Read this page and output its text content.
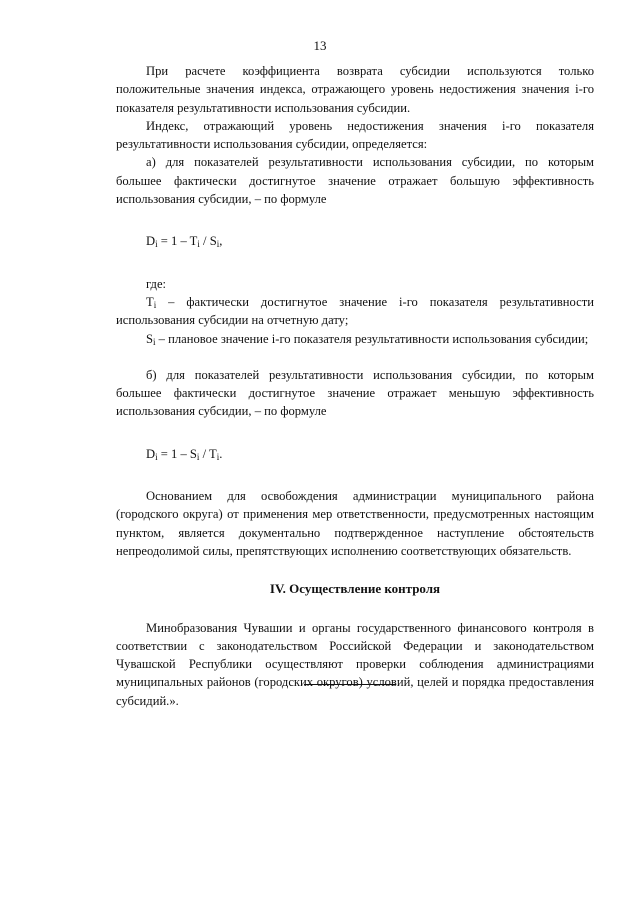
13

При расчете коэффициента возврата субсидии используются только положительные значения индекса, отражающего уровень недостижения значения i-го показателя результативности использования субсидии.

Индекс, отражающий уровень недостижения значения i-го показателя результативности использования субсидии, определяется:

а) для показателей результативности использования субсидии, по которым большее фактически достигнутое значение отражает большую эффективность использования субсидии, – по формуле

$D_i = 1 - T_i / S_i$,

где:

$T_i$ – фактически достигнутое значение i-го показателя результативности использования субсидии на отчетную дату;

$S_i$ – плановое значение i-го показателя результативности использования субсидии;

б) для показателей результативности использования субсидии, по которым большее фактически достигнутое значение отражает меньшую эффективность использования субсидии, – по формуле

$D_i = 1 - S_i / T_i$.

Основанием для освобождения администрации муниципального района (городского округа) от применения мер ответственности, предусмотренных настоящим пунктом, является документально подтвержденное наступление обстоятельств непреодолимой силы, препятствующих исполнению соответствующих обязательств.

IV. Осуществление контроля

Минобразования Чувашии и органы государственного финансового контроля в соответствии с законодательством Российской Федерации и законодательством Чувашской Республики осуществляют проверки соблюдения администрациями муниципальных районов (городских округов) условий, целей и порядка предоставления субсидий.».
